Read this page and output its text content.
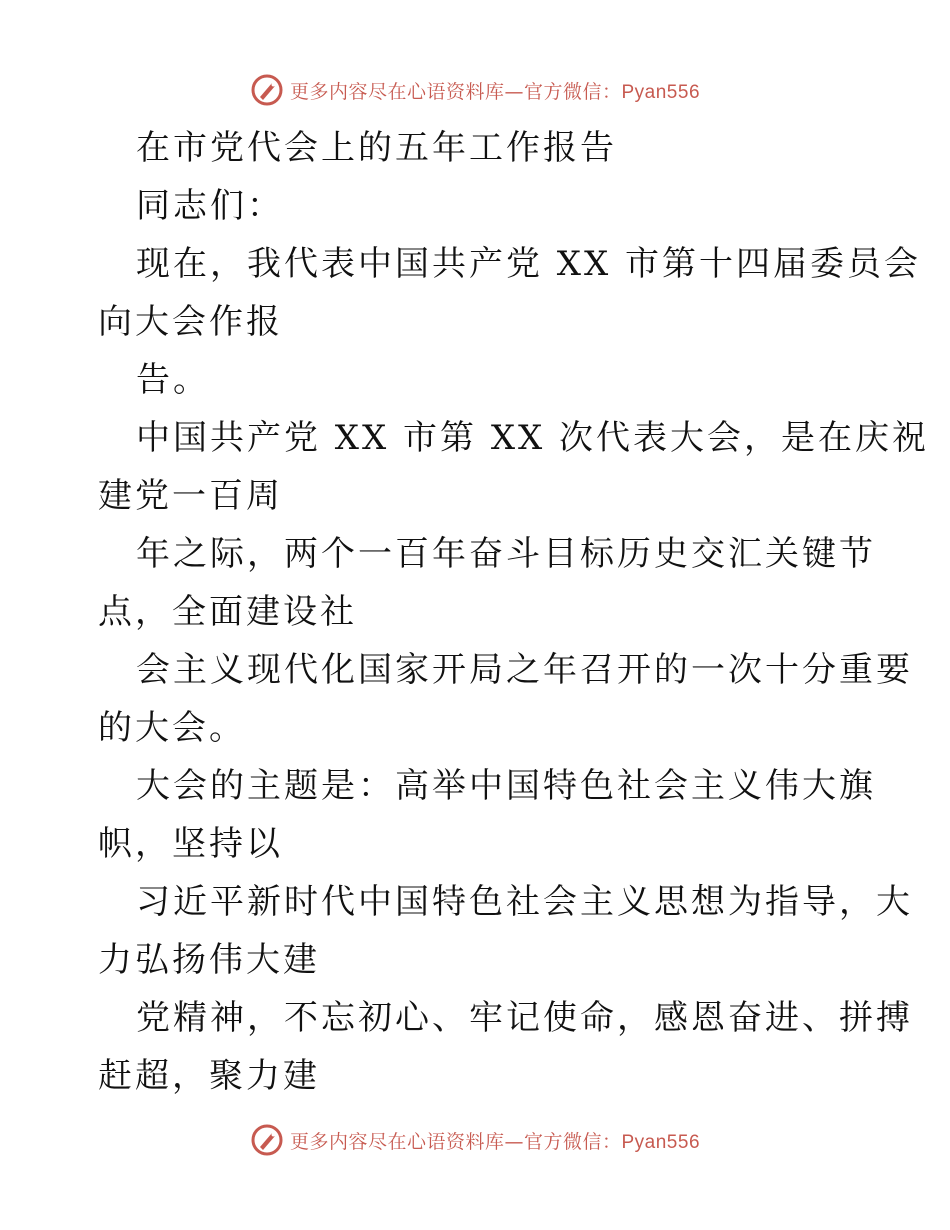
更多内容尽在心语资料库—官方微信：Pyan556
在市党代会上的五年工作报告
同志们：
现在，我代表中国共产党 XX 市第十四届委员会
向大会作报
告。
中国共产党 XX 市第 XX 次代表大会，是在庆祝
建党一百周
年之际，两个一百年奋斗目标历史交汇关键节
点，全面建设社
会主义现代化国家开局之年召开的一次十分重要
的大会。
大会的主题是：高举中国特色社会主义伟大旗
帜，坚持以
习近平新时代中国特色社会主义思想为指导，大
力弘扬伟大建
党精神，不忘初心、牢记使命，感恩奋进、拼搏
赶超，聚力建
更多内容尽在心语资料库—官方微信：Pyan556
